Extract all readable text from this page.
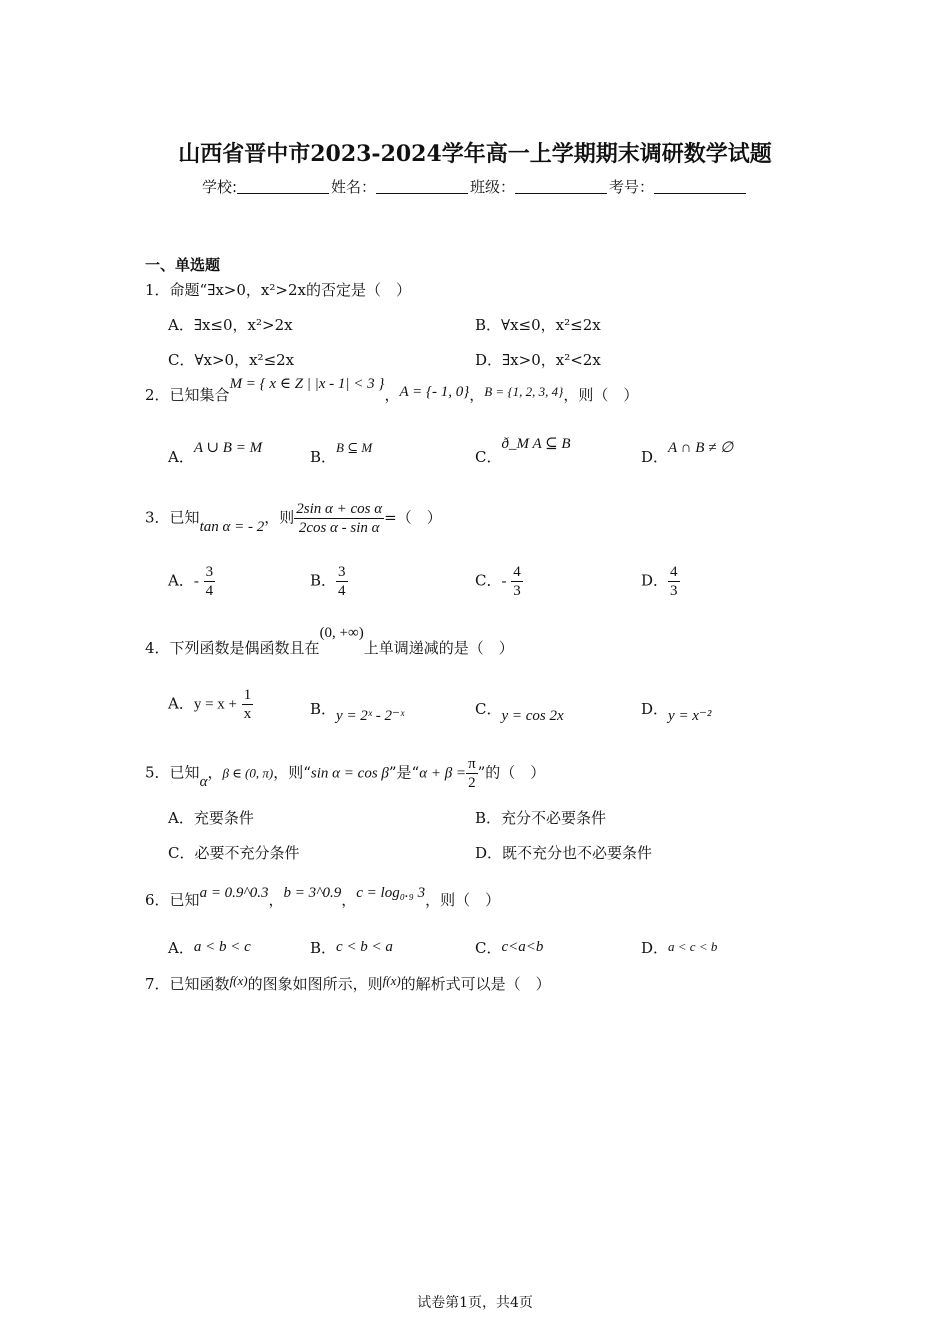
山西省晋中市2023-2024学年高一上学期期末调研数学试题
学校:	姓名：	班级：	考号：
一、单选题
1．命题“∃x>0，x²>2x的否定是（　）
A．∃x≤0，x²>2x	B．∀x≤0，x²≤2x
C．∀x>0，x²≤2x	D．∃x>0，x²<2x
2．已知集合M = { x ∈ Z | |x - 1| < 3 }，A = {- 1, 0}，B = {1, 2, 3, 4}，则（　）
A．A ∪ B = M	B．B ⊆ M
C．ð_M A ⊆ B
D．A ∩ B ≠ ∅
3．已知tan α = - 2，则 $\frac{\text{2sin α + cos α}}{\text{2cos α - sin α}}$ =（　）
A．- $\frac{3}{4}$	B． $\frac{3}{4}$	C．- $\frac{4}{3}$	D． $\frac{4}{3}$
4．下列函数是偶函数且在(0, +∞)上单调递减的是（　）
A．$y = x + \frac{1}{x}$	B．y = 2ˣ - 2⁻ˣ	C．y = cos 2x	D．y = x⁻²
5．已知α，β ∈ (0, π)，则“sin α = cos β”是“$\alpha + \beta = \frac{\pi}{2}$ ”的（　）
A．充要条件	B．充分不必要条件
C．必要不充分条件	D．既不充分也不必要条件
6．已知a = 0.9^0.3，b = 3^0.9，c = log₀.₉ 3，则（　）
A．a < b < c	B．c < b < a	C．c<a<b	D．a < c < b
7．已知函数f(x)的图象如图所示，则f(x)的解析式可以是（　）
试卷第1页，共4页
